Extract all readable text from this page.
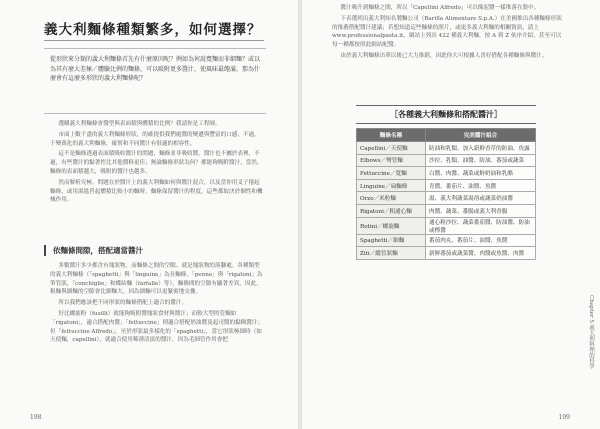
義大利麵條種類繁多，如何選擇？
從形狀來分類的義大利麵條首先有什麼原因呢？例如為何說寬麵而非細麵？或以為其有麼大差極／體驗比例的麵條，可以吸附更多醬汁，使風味最飽滿，那為什麼會有這麼多形狀的義大利麵條呢？

選購義大利麵條會醬型與表面積與體積的比例？我請你是工程師。

市面上數千盡的義大利麵條形狀，的確提供我們處醬的變遷與豐富的口感，不過，千變萬化的義大利麵條，確實和不同醬汁有很適的相容性。

這不是麵條透過表面積吸收醬汁的問題，麵條並非吸收醬，醬汁也不屬於表裡，不過，有些醬汁的黏著性比其他醬料更佳；無論麵條形狀為何？都能夠吸附醬汁，當然，麵條的表面積越大，吸附的醬汁也越多。

然而解析究極，問題在於醬汁上的義大利麵如何與醬汁混合，以及當你用叉子捲起麵條，或用湯匙舀起體積比較小的麵時，麵條保留醬汁的程度，這些都取決於個性和機械作用。

依麵條間隙，搭配適當醬汁

多數醬汁多少都含有塊狀物，而麵條之間的空隙、就是塊狀物的落腳處。各種類型的義大利麵條（「spaghetti」與「linguine」為長麵條，「penne」與「rigatoni」為筆管狀，「conchiglie」和蝶結麵（farfalle）等），麵條間的空隙有顯著差異，因此，粗麵與細麵的空隙會比細麵大。因為細麵可以更緊密地交疊。

所以我們應該把不同形狀的麵條搭配上適合的醬汁。

好比螺旋粉（fusilli）就能夠吸附醬塊狀食材與醬汁；而較大型的管麵如「rigatoni」，適合搭配肉醬；「fettuccine」則適合搭配奶油醬及起司醬的黏稠醬汁；但「fettuccine Alfredo」，至於形狀最多樣化的「spaghetti」，當它形狀極細時（如天使麵，capellini），就適合使用稀薄清淡的醬汁，因為毛細管作用會把

198

醬汁吸升到麵條之間，所以「Capellini Alfredo」可以像泥漿一樣堆落在盤中。

下表選列出義大利知名製麵公司（Barilla Alimentare S.p.A.）在美國推出各種麵條形狀的推薦搭配醬汁建議；若想知道這些麵條的照片，或更多義大利麵的相關資訊，請上 www.professionalpasta.it，網站上列出 422 種義大利麵，按 A 到 Z 依序介紹，甚至可以每一種都按照此網站配醬。

由於義大利麵條出華以後已大力推銷，因此你大可根據人喜好搭配各種麵條與醬汁。

［各種義大利麵條和搭配醬汁］
麵條名稱	完美醬汁組合
Capellini／天使麵	防油和乳類、加入新鮮香草的防油、魚露
Elbows／彎管麵	沙拉、乳類、油醬、防油、番茄或蔬菜
Fettuccine／寬麵	白醬、肉醬、蔬菜或鮮奶油和乳酪
Linguine／扁麵條	青醬、番茄片、油醬、魚醬
Orzo／米粒麵	湯、義大利蔬菜湯溶或蔬菜奶油醬
Rigatoni／粗通心麵	肉醬、蔬菜、番腸或義大利香腸
Rotini／螺旋麵	通心粉沙拉、蔬菜番茄醬、防油醬、防油或檸醬
Spaghetti／細麵	番茄肉丸、番茄片、油醬、魚醬
Ziti／縱管狀麵	新鮮番茄或蔬菜醬、肉醬或魚醬、肉醬
Chapter 5 義大利料理的科學
199
